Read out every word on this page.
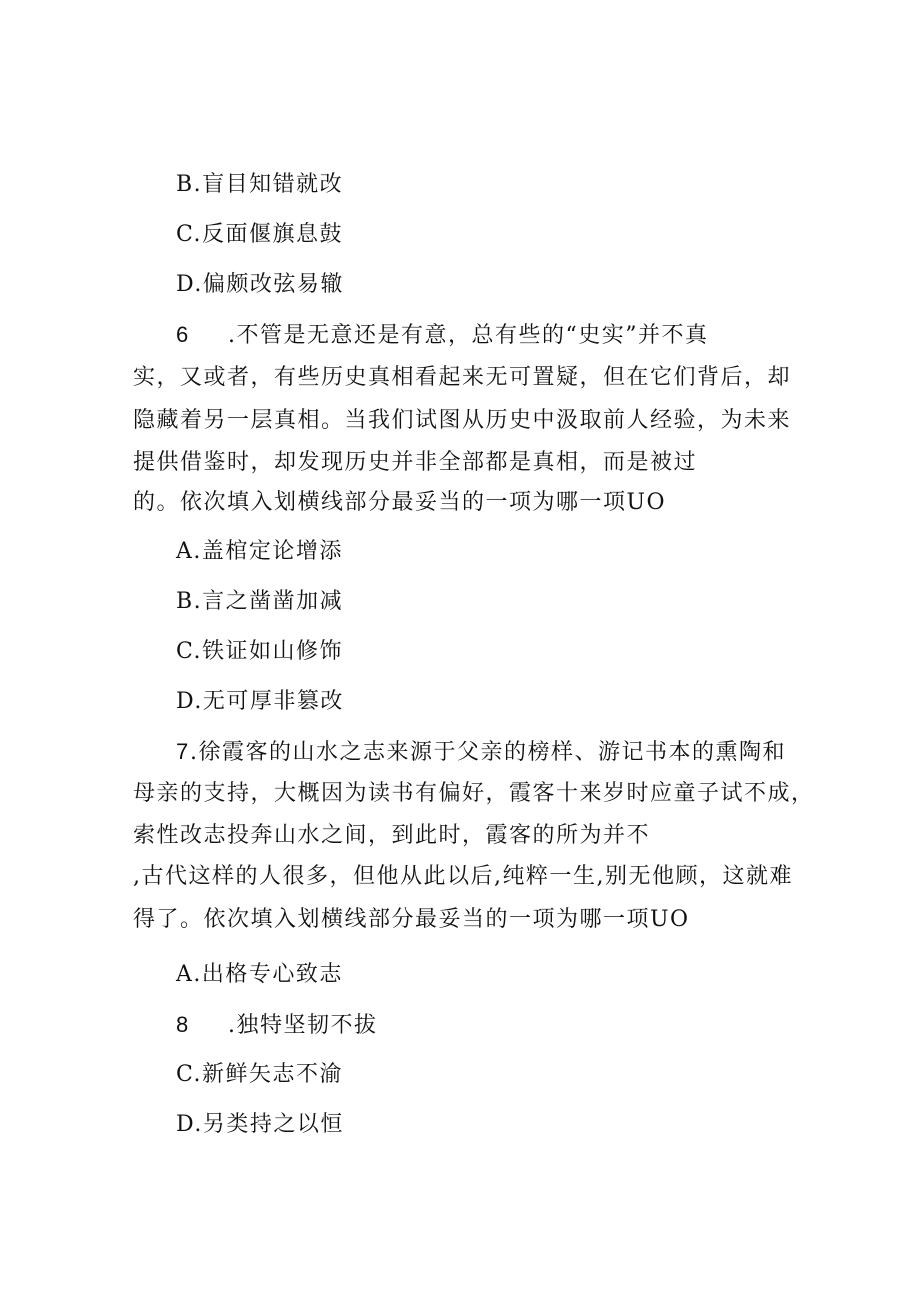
B.盲目知错就改
C.反面偃旗息鼓
D.偏颇改弦易辙
6 .不管是无意还是有意，总有些的“史实”并不真
实，又或者，有些历史真相看起来无可置疑，但在它们背后，却
隐藏着另一层真相。当我们试图从历史中汲取前人经验，为未来
提供借鉴时，却发现历史并非全部都是真相，而是被过
的。依次填入划横线部分最妥当的一项为哪一项UO
A.盖棺定论增添
B.言之凿凿加减
C.铁证如山修饰
D.无可厚非篡改
7.徐霞客的山水之志来源于父亲的榜样、游记书本的熏陶和
母亲的支持，大概因为读书有偏好，霞客十来岁时应童子试不成，
索性改志投奔山水之间，到此时，霞客的所为并不
,古代这样的人很多，但他从此以后,纯粹一生,别无他顾，这就难
得了。依次填入划横线部分最妥当的一项为哪一项UO
A.出格专心致志
8 .独特坚韧不拔
C.新鲜矢志不渝
D.另类持之以恒
